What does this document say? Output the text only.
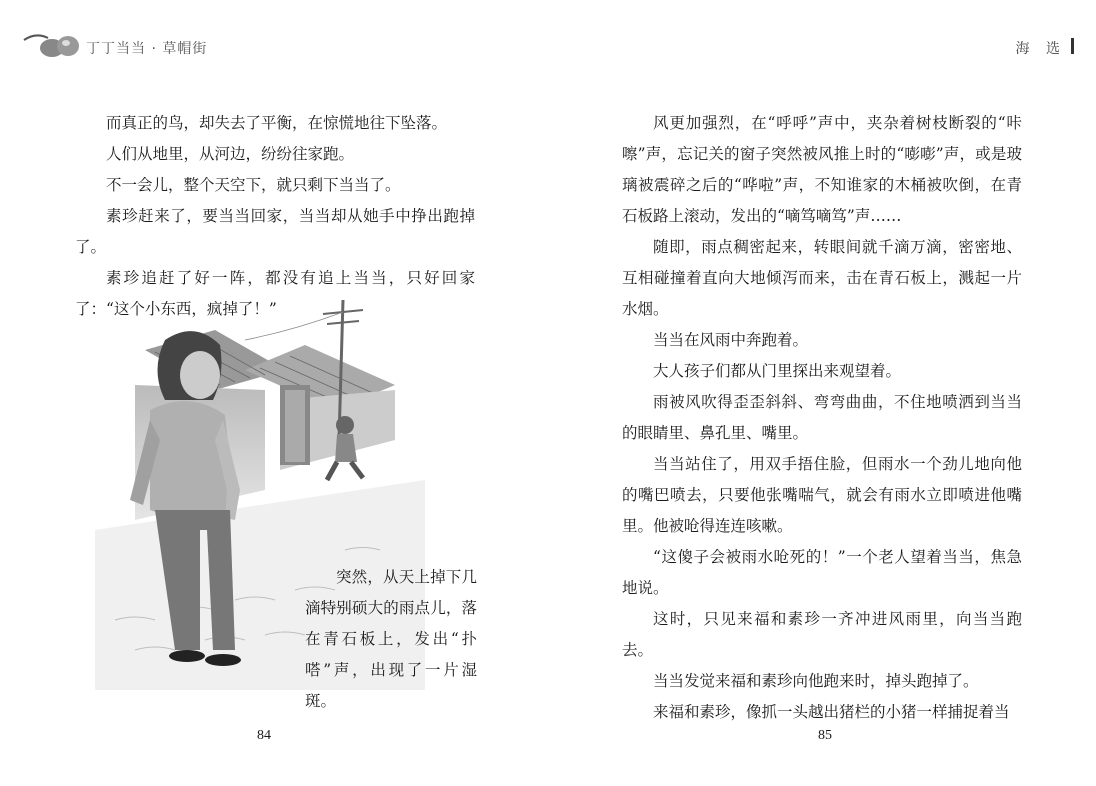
丁丁当当 · 草帽街

而真正的鸟，却失去了平衡，在惊慌地往下坠落。

人们从地里，从河边，纷纷往家跑。

不一会儿，整个天空下，就只剩下当当了。

素珍赶来了，要当当回家，当当却从她手中挣出跑掉了。

素珍追赶了好一阵，都没有追上当当，只好回家了：“这个小东西，疯掉了！”

突然，从天上掉下几滴特别硕大的雨点儿，落在青石板上，发出“扑嗒”声，出现了一片湿斑。

84
海 选

风更加强烈，在“呼呼”声中，夹杂着树枝断裂的“咔嚓”声，忘记关的窗子突然被风推上时的“嘭嘭”声，或是玻璃被震碎之后的“哗啦”声，不知谁家的木桶被吹倒，在青石板路上滚动，发出的“嘀笃嘀笃”声……

随即，雨点稠密起来，转眼间就千滴万滴，密密地、互相碰撞着直向大地倾泻而来，击在青石板上，溅起一片水烟。

当当在风雨中奔跑着。

大人孩子们都从门里探出来观望着。

雨被风吹得歪歪斜斜、弯弯曲曲，不住地喷洒到当当的眼睛里、鼻孔里、嘴里。

当当站住了，用双手捂住脸，但雨水一个劲儿地向他的嘴巴喷去，只要他张嘴喘气，就会有雨水立即喷进他嘴里。他被呛得连连咳嗽。

“这傻子会被雨水呛死的！”一个老人望着当当，焦急地说。

这时，只见来福和素珍一齐冲进风雨里，向当当跑去。

当当发觉来福和素珍向他跑来时，掉头跑掉了。

来福和素珍，像抓一头越出猪栏的小猪一样捕捉着当

85
